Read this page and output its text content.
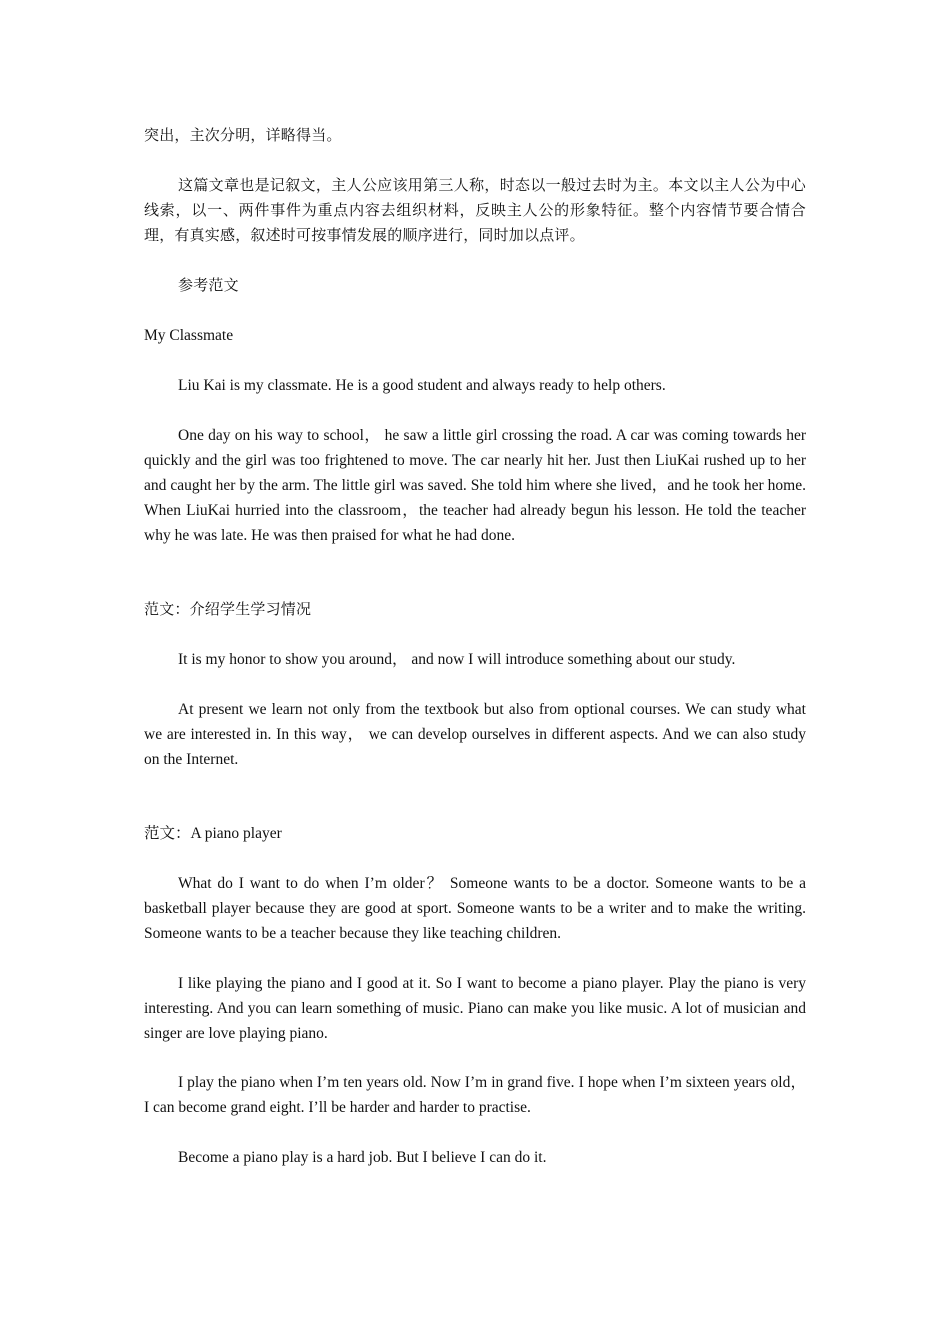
突出，主次分明，详略得当。

这篇文章也是记叙文，主人公应该用第三人称，时态以一般过去时为主。本文以主人公为中心线索，以一、两件事件为重点内容去组织材料，反映主人公的形象特征。整个内容情节要合情合理，有真实感，叙述时可按事情发展的顺序进行，同时加以点评。

参考范文

My Classmate

Liu Kai is my classmate. He is a good student and always ready to help others.

One day on his way to school， he saw a little girl crossing the road. A car was coming towards her quickly and the girl was too frightened to move. The car nearly hit her. Just then LiuKai rushed up to her and caught her by the arm. The little girl was saved. She told him where she lived，and he took her home. When LiuKai hurried into the classroom，the teacher had already begun his lesson. He told the teacher why he was late. He was then praised for what he had done.

范文：介绍学生学习情况

It is my honor to show you around， and now I will introduce something about our study.

At present we learn not only from the textbook but also from optional courses. We can study what we are interested in. In this way， we can develop ourselves in different aspects. And we can also study on the Internet.

范文：A piano player

What do I want to do when I’m older？ Someone wants to be a doctor. Someone wants to be a basketball player because they are good at sport. Someone wants to be a writer and to make the writing. Someone wants to be a teacher because they like teaching children.

I like playing the piano and I good at it. So I want to become a piano player. Play the piano is very interesting. And you can learn something of music. Piano can make you like music. A lot of musician and singer are love playing piano.

I play the piano when I’m ten years old. Now I’m in grand five. I hope when I’m sixteen years old， I can become grand eight. I’ll be harder and harder to practise.

Become a piano play is a hard job. But I believe I can do it.
